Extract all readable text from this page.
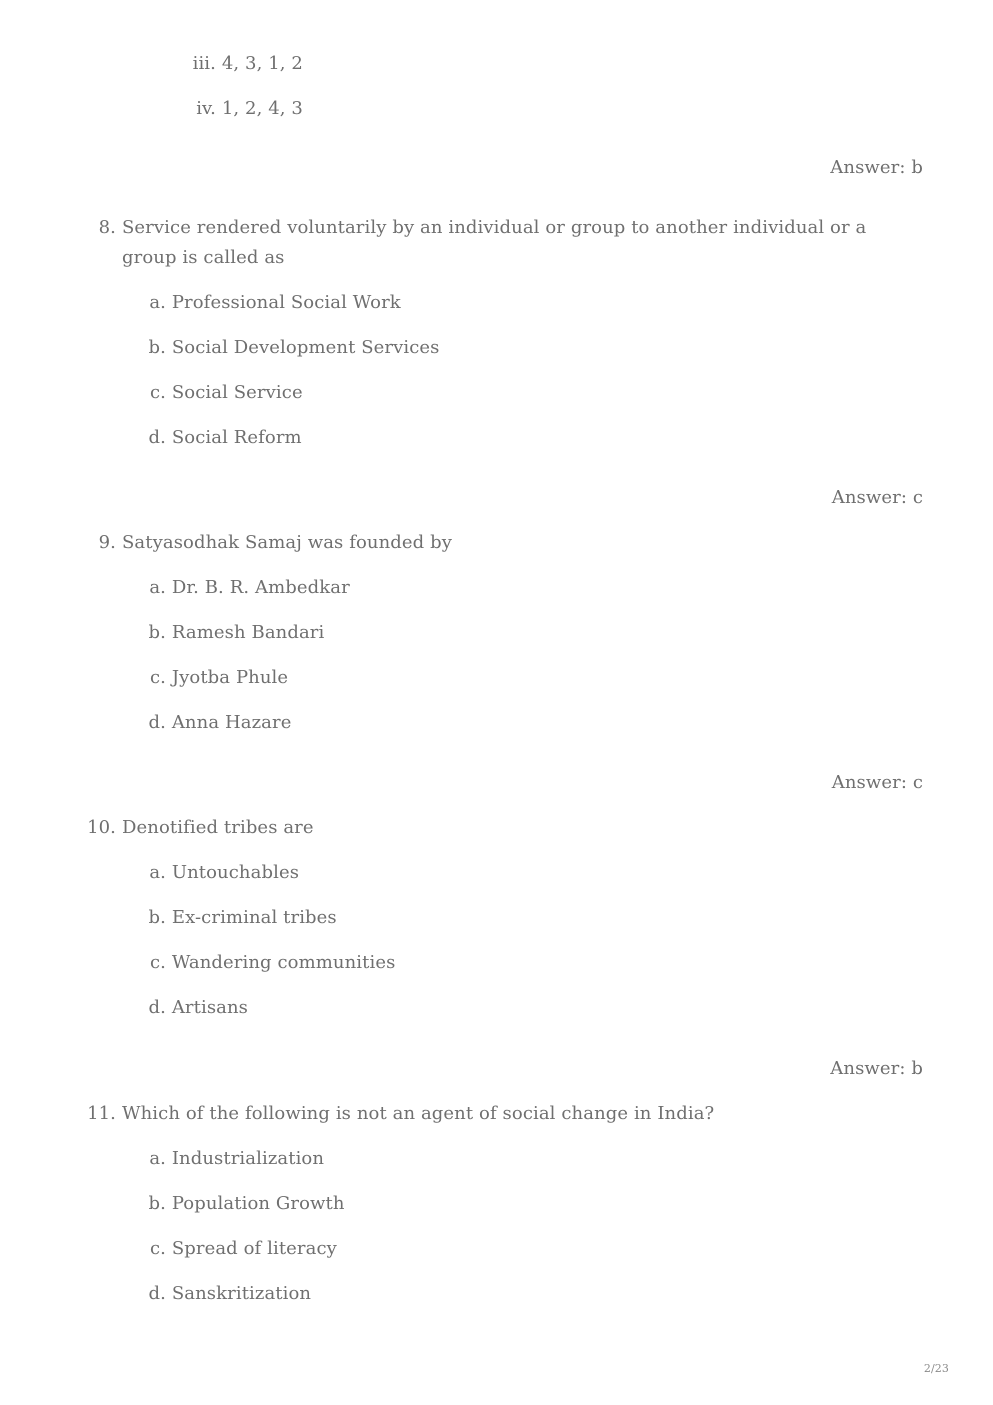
iii. 4, 3, 1, 2
iv. 1, 2, 4, 3
Answer: b
8. Service rendered voluntarily by an individual or group to another individual or a group is called as
a. Professional Social Work
b. Social Development Services
c. Social Service
d. Social Reform
Answer: c
9. Satyasodhak Samaj was founded by
a. Dr. B. R. Ambedkar
b. Ramesh Bandari
c. Jyotba Phule
d. Anna Hazare
Answer: c
10. Denotified tribes are
a. Untouchables
b. Ex-criminal tribes
c. Wandering communities
d. Artisans
Answer: b
11. Which of the following is not an agent of social change in India?
a. Industrialization
b. Population Growth
c. Spread of literacy
d. Sanskritization
2/23
